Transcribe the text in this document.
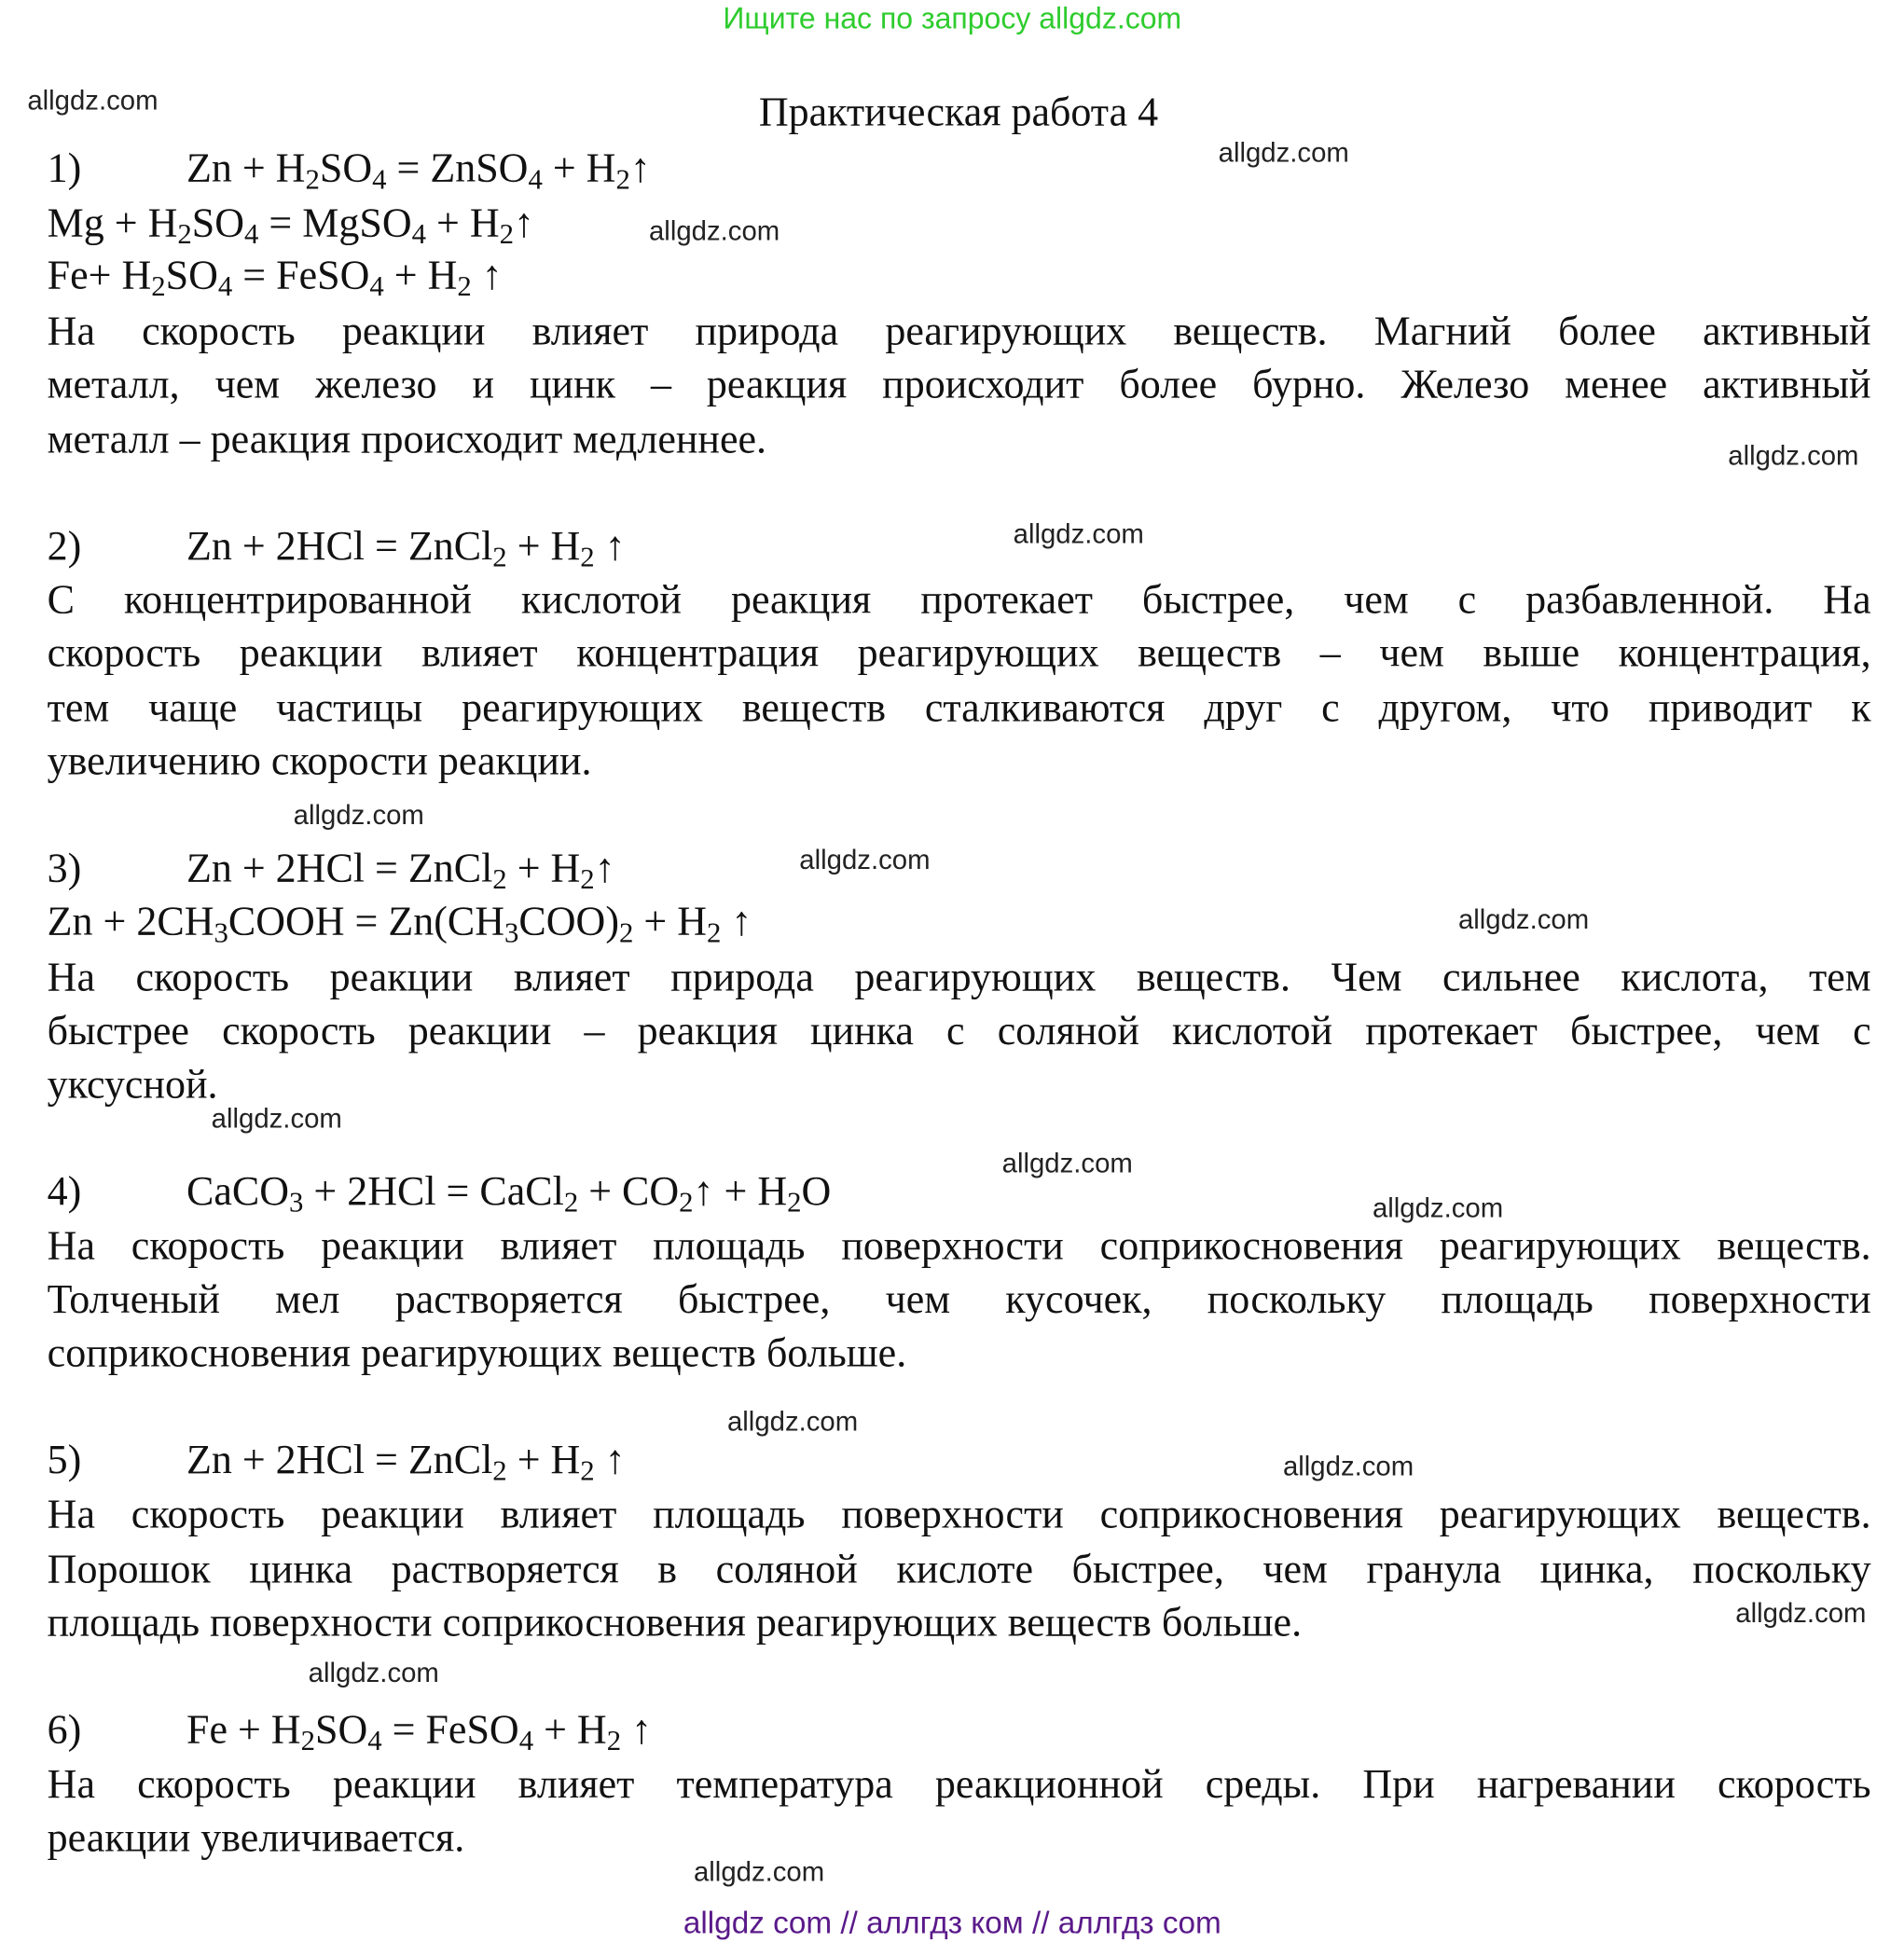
Ищите нас по запросу allgdz.com
Практическая работа 4
1)	$Zn + H_2SO_4$ = ZnSO$_4$ + $H_2↑$
$Mg + H_2SO_4$ = MgSO$_4$ + $H_2↑$
$Fe+ H_2SO_4$ = FeSO$_4$ + $H_2$ ↑
На скорость реакции влияет природа реагирующих веществ. Магний более активный
металл, чем железо и цинк – реакция происходит более бурно. Железо менее активный
металл – реакция происходит медленнее.
2)	Zn + 2HCl = ZnCl$_2$ + $H_2$ ↑
С концентрированной кислотой реакция протекает быстрее, чем с разбавленной. На
скорость реакции влияет концентрация реагирующих веществ – чем выше концентрация,
тем чаще частицы реагирующих веществ сталкиваются друг с другом, что приводит к
увеличению скорости реакции.
3)	Zn + 2HCl = ZnCl$_2$ + $H_2↑$
$Zn + 2CH_3COOH = Zn(CH_3COO)_2 + H_2$ ↑
На скорость реакции влияет природа реагирующих веществ. Чем сильнее кислота, тем
быстрее скорость реакции – реакция цинка с соляной кислотой протекает быстрее, чем с
уксусной.
4)	CaCO$_3$ + 2HCl = CaCl$_2$ + $CO_2↑ + H_2O$
На скорость реакции влияет площадь поверхности соприкосновения реагирующих веществ.
Толченый мел растворяется быстрее, чем кусочек, поскольку площадь поверхности
соприкосновения реагирующих веществ больше.
5)	Zn + 2HCl = ZnCl$_2$ + $H_2$ ↑
На скорость реакции влияет площадь поверхности соприкосновения реагирующих веществ.
Порошок цинка растворяется в соляной кислоте быстрее, чем гранула цинка, поскольку
площадь поверхности соприкосновения реагирующих веществ больше.
6)	$Fe + H_2SO_4$ = FeSO$_4$ + $H_2$ ↑
На скорость реакции влияет температура реакционной среды. При нагревании скорость
реакции увеличивается.
allgdz.com
allgdz.com
allgdz.com
allgdz.com
allgdz.com
allgdz.com
allgdz.com
allgdz.com
allgdz.com
allgdz.com
allgdz.com
allgdz.com
allgdz.com
allgdz.com
allgdz.com
allgdz.com
allgdz com // аллгдз ком // аллгдз com
